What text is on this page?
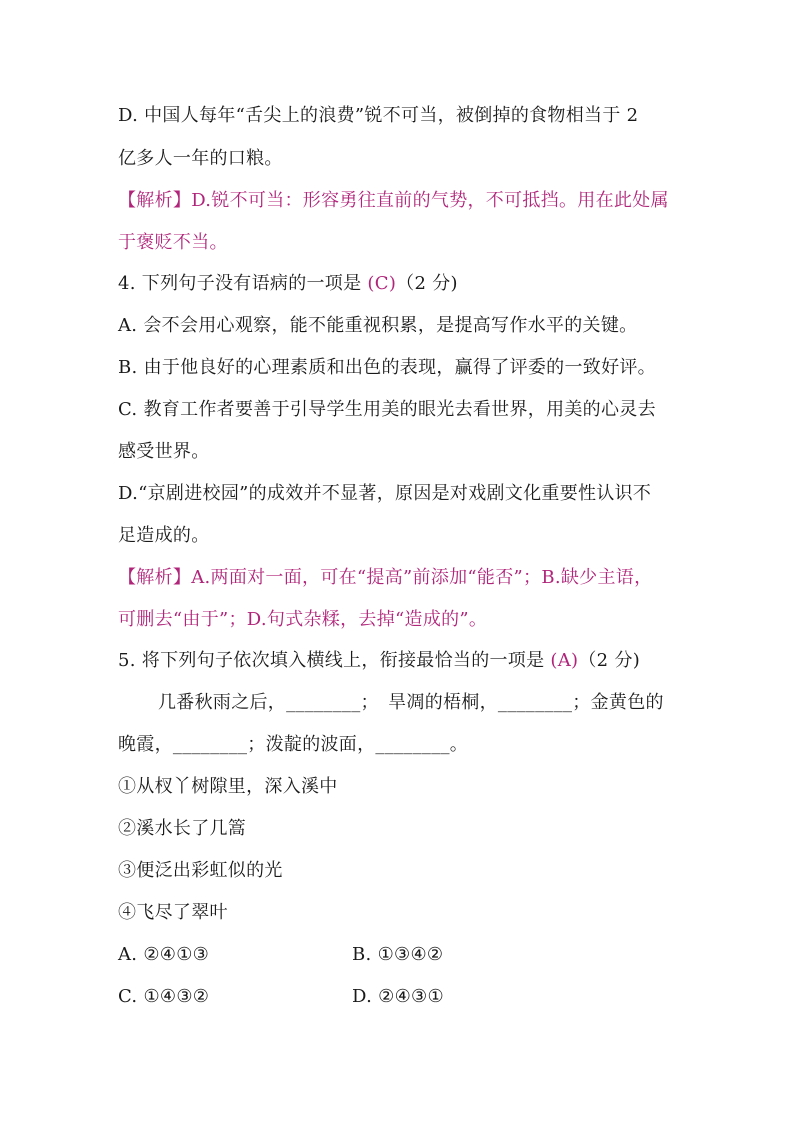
D. 中国人每年“舌尖上的浪费”锐不可当，被倒掉的食物相当于 2
亿多人一年的口粮。
【解析】D.锐不可当：形容勇往直前的气势，不可抵挡。用在此处属
于褒贬不当。
4. 下列句子没有语病的一项是 (C)（2 分)
A. 会不会用心观察，能不能重视积累，是提高写作水平的关键。
B. 由于他良好的心理素质和出色的表现，赢得了评委的一致好评。
C. 教育工作者要善于引导学生用美的眼光去看世界，用美的心灵去
感受世界。
D.“京剧进校园”的成效并不显著，原因是对戏剧文化重要性认识不
足造成的。
【解析】A.两面对一面，可在“提高”前添加“能否”；B.缺少主语，
可删去“由于”；D.句式杂糅，去掉“造成的”。
5. 将下列句子依次填入横线上，衔接最恰当的一项是 (A)（2 分)
几番秋雨之后，________；　旱凋的梧桐，________；金黄色的
晚霞，________；泼靛的波面，________。
①从杈丫树隙里，深入溪中
②溪水长了几篙
③便泛出彩虹似的光
④飞尽了翠叶
A. ②④①③	B. ①③④②
C. ①④③②	D. ②④③①
